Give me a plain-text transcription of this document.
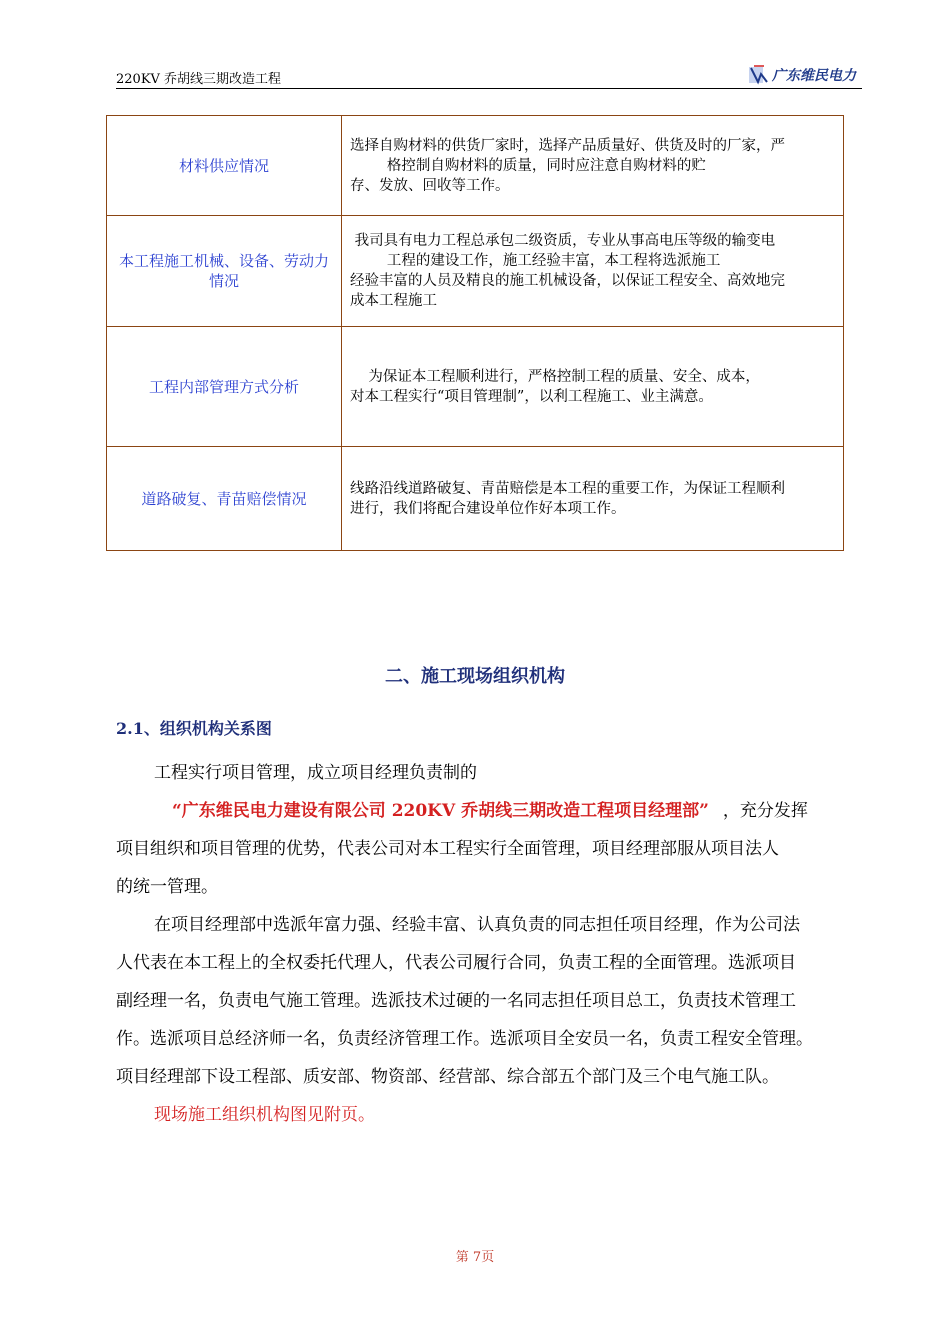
220KV 乔胡线三期改造工程	广东维民电力
材料供应情况	选择自购材料的供货厂家时，选择产品质量好、供货及时的厂家，严
格控制自购材料的质量，同时应注意自购材料的贮
存、发放、回收等工作。

本工程施工机械、设备、劳动力情况	我司具有电力工程总承包二级资质，专业从事高电压等级的输变电
工程的建设工作，施工经验丰富，本工程将选派施工
经验丰富的人员及精良的施工机械设备，以保证工程安全、高效地完
成本工程施工

工程内部管理方式分析	为保证本工程顺利进行，严格控制工程的质量、安全、成本，
对本工程实行“项目管理制”，以利工程施工、业主满意。

道路破复、青苗赔偿情况	线路沿线道路破复、青苗赔偿是本工程的重要工作，为保证工程顺利
进行，我们将配合建设单位作好本项工作。
二、施工现场组织机构
2.1、组织机构关系图
工程实行项目管理，成立项目经理负责制的
“广东维民电力建设有限公司 220KV 乔胡线三期改造工程项目经理部” ，充分发挥
项目组织和项目管理的优势，代表公司对本工程实行全面管理，项目经理部服从项目法人
的统一管理。
在项目经理部中选派年富力强、经验丰富、认真负责的同志担任项目经理，作为公司法
人代表在本工程上的全权委托代理人，代表公司履行合同，负责工程的全面管理。选派项目
副经理一名，负责电气施工管理。选派技术过硬的一名同志担任项目总工，负责技术管理工
作。选派项目总经济师一名，负责经济管理工作。选派项目全安员一名，负责工程安全管理。
项目经理部下设工程部、质安部、物资部、经营部、综合部五个部门及三个电气施工队。
现场施工组织机构图见附页。
第 7页
